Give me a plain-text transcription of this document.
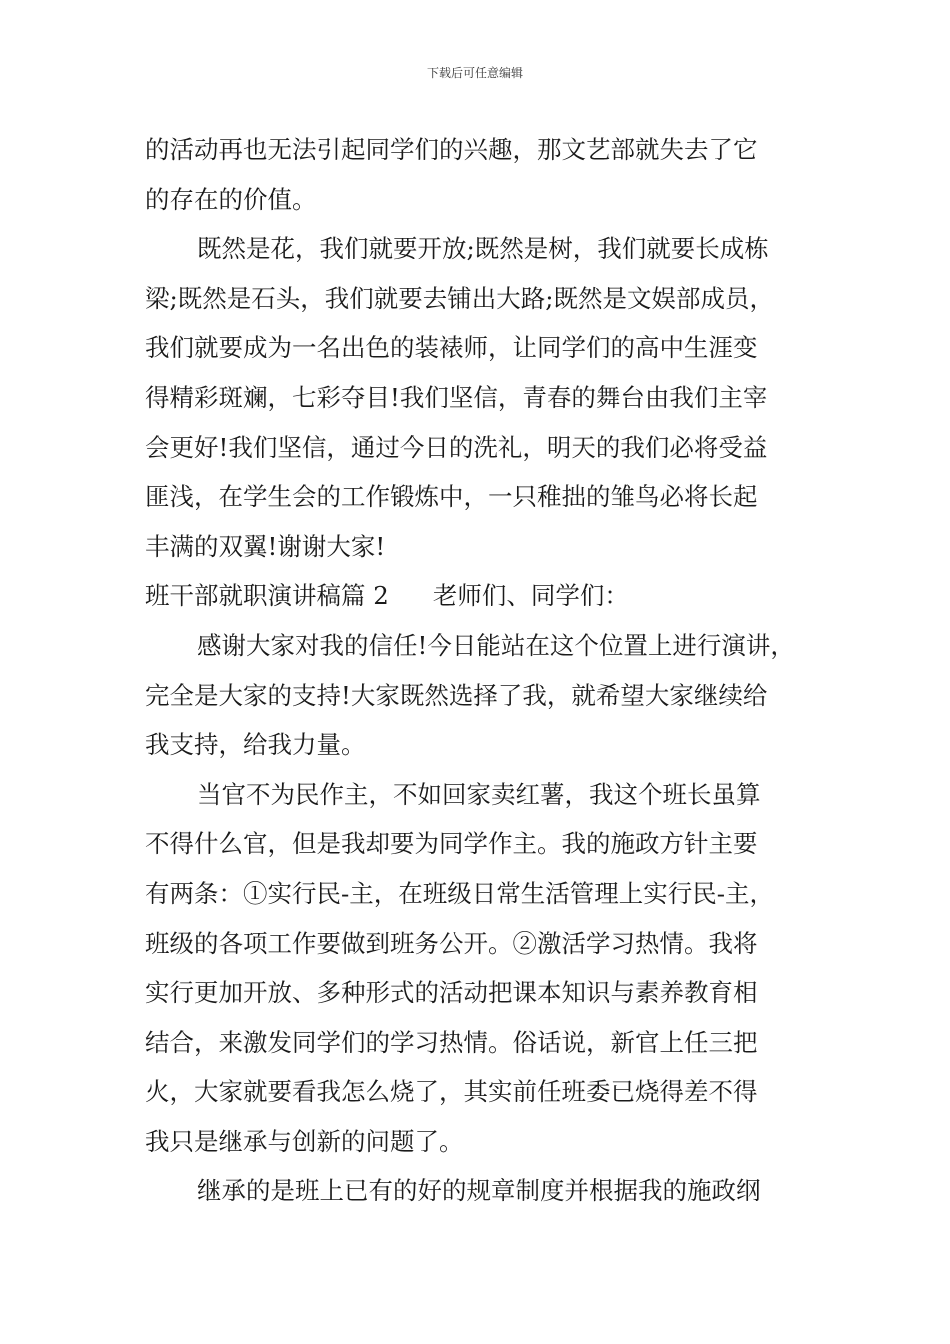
下载后可任意编辑
的活动再也无法引起同学们的兴趣，那文艺部就失去了它
的存在的价值。
既然是花，我们就要开放;既然是树，我们就要长成栋
梁;既然是石头，我们就要去铺出大路;既然是文娱部成员，
我们就要成为一名出色的装裱师，让同学们的高中生涯变
得精彩斑斓，七彩夺目!我们坚信，青春的舞台由我们主宰
会更好!我们坚信，通过今日的洗礼，明天的我们必将受益
匪浅，在学生会的工作锻炼中，一只稚拙的雏鸟必将长起
丰满的双翼!谢谢大家!
班干部就职演讲稿篇 2 老师们、同学们：
感谢大家对我的信任!今日能站在这个位置上进行演讲，
完全是大家的支持!大家既然选择了我，就希望大家继续给
我支持，给我力量。
当官不为民作主，不如回家卖红薯，我这个班长虽算
不得什么官，但是我却要为同学作主。我的施政方针主要
有两条：①实行民-主，在班级日常生活管理上实行民-主，
班级的各项工作要做到班务公开。②激活学习热情。我将
实行更加开放、多种形式的活动把课本知识与素养教育相
结合，来激发同学们的学习热情。俗话说，新官上任三把
火，大家就要看我怎么烧了，其实前任班委已烧得差不得
我只是继承与创新的问题了。
继承的是班上已有的好的规章制度并根据我的施政纲
